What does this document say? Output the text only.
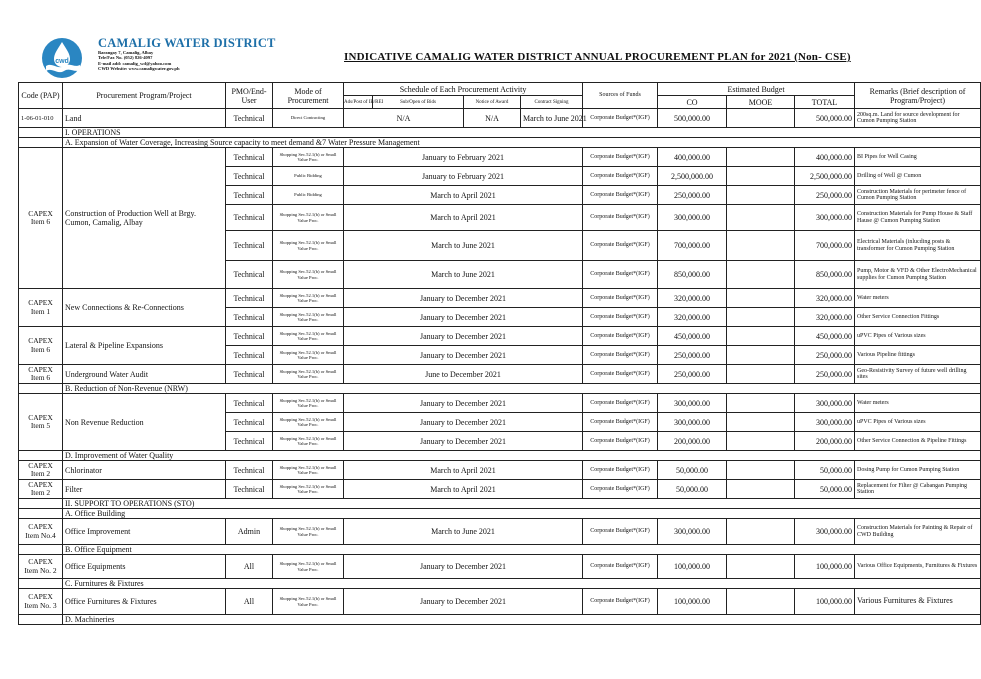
cwd
CAMALIG WATER DISTRICT
Barangay 7, Camalig, Albay
Tele/Fax No. (052) 826-4097
E-mail add: camalig_wd@yahoo.com
CWD Website: www.camaligwater.gov.ph
INDICATIVE CAMALIG WATER DISTRICT ANNUAL PROCUREMENT PLAN for 2021 (Non- CSE)
Code (PAP)	Procurement Program/Project	PMO/End-User	Mode of Procurement	Schedule of Each Procurement Activity				Sources of Funds	Estimated Budget			Remarks (Brief description of Program/Project)
				Ads/Post of IB/REI	Sub/Open of Bids	Notice of Award	Contract Signing		CO	MOOE	TOTAL	
1-06-01-010	Land	Technical	Direct Contracting	N/A		N/A	March to June 2021	Corporate Budget*(IGF)	500,000.00		500,000.00	200sq.m. Land for source development for Cumon Pumping Station
	I. OPERATIONS											
	A. Expansion of Water Coverage, Increasing Source capacity to meet demand &7 Water Pressure Management											
CAPEX Item 6	Construction of Production Well at Brgy. Cumon, Camalig, Albay	Technical	Shopping Sec.52.1(b) or Small Value Proc.	January to February 2021				Corporate Budget*(IGF)	400,000.00		400,000.00	BI Pipes for Well Casing
		Technical	Public Bidding	January to February 2021				Corporate Budget*(IGF)	2,500,000.00		2,500,000.00	Drilling of Well @ Cumon
		Technical	Public Bidding	March to April 2021				Corporate Budget*(IGF)	250,000.00		250,000.00	Construction Materials for perimeter fence of Cumon Pumping Station
		Technical	Shopping Sec.52.1(b) or Small Value Proc.	March to April 2021				Corporate Budget*(IGF)	300,000.00		300,000.00	Construction Materials for Pump House & Staff Hause @ Cumon Pumping Station
		Technical	Shopping Sec.52.1(b) or Small Value Proc.	March to June 2021				Corporate Budget*(IGF)	700,000.00		700,000.00	Electrical Materials (inlucding posts & transformer for Cumon Pumping Station
		Technical	Shopping Sec.52.1(b) or Small Value Proc.	March to June 2021				Corporate Budget*(IGF)	850,000.00		850,000.00	Pump, Motor & VFD & Other ElectroMechanical supplies for Cumon Pumping Station
CAPEX Item 1	New Connections & Re-Connections	Technical	Shopping Sec.52.1(b) or Small Value Proc.	January to December 2021				Corporate Budget*(IGF)	320,000.00		320,000.00	Water meters
		Technical	Shopping Sec.52.1(b) or Small Value Proc.	January to December 2021				Corporate Budget*(IGF)	320,000.00		320,000.00	Other Service Connection Fittings
CAPEX Item 6	Lateral & Pipeline Expansions	Technical	Shopping Sec.52.1(b) or Small Value Proc.	January to December 2021				Corporate Budget*(IGF)	450,000.00		450,000.00	uPVC Pipes of Various sizes
		Technical	Shopping Sec.52.1(b) or Small Value Proc.	January to December 2021				Corporate Budget*(IGF)	250,000.00		250,000.00	Various Pipeline fittings
CAPEX Item 6	Underground Water Audit	Technical	Shopping Sec.52.1(b) or Small Value Proc.	June to December 2021				Corporate Budget*(IGF)	250,000.00		250,000.00	Geo-Resistivity Survey of future well drilling sites
	B. Reduction of Non-Revenue (NRW)											
CAPEX Item 5	Non Revenue Reduction	Technical	Shopping Sec.52.1(b) or Small Value Proc.	January to December 2021				Corporate Budget*(IGF)	300,000.00		300,000.00	Water meters
		Technical	Shopping Sec.52.1(b) or Small Value Proc.	January to December 2021				Corporate Budget*(IGF)	300,000.00		300,000.00	uPVC Pipes of Various sizes
		Technical	Shopping Sec.52.1(b) or Small Value Proc.	January to December 2021				Corporate Budget*(IGF)	200,000.00		200,000.00	Other Service Connection & Pipeline Fittings
	D. Improvement of Water Quality											
CAPEX Item 2	Chlorinator	Technical	Shopping Sec.52.1(b) or Small Value Proc.	March to April 2021				Corporate Budget*(IGF)	50,000.00		50,000.00	Dosing Pump for Cumon Pumping Station
CAPEX Item 2	Filter	Technical	Shopping Sec.52.1(b) or Small Value Proc.	March to April 2021				Corporate Budget*(IGF)	50,000.00		50,000.00	Replacement for Filter @ Cabangan Pumping Station
	II. SUPPORT TO OPERATIONS (STO)											
	A. Office Building											
CAPEX Item No.4	Office Improvement	Admin	Shopping Sec.52.1(b) or Small Value Proc.	March to June 2021				Corporate Budget*(IGF)	300,000.00		300,000.00	Construction Materials for Painting & Repair of CWD Building
	B. Office Equipment											
CAPEX Item No. 2	Office Equipments	All	Shopping Sec.52.1(b) or Small Value Proc.	January to December 2021				Corporate Budget*(IGF)	100,000.00		100,000.00	Various Office Equipments, Furnitures & Fixtures
	C. Furnitures & Fixtures											
CAPEX Item No. 3	Office Furnitures & Fixtures	All	Shopping Sec.52.1(b) or Small Value Proc.	January to December 2021				Corporate Budget*(IGF)	100,000.00		100,000.00	Various Furnitures & Fixtures
	D. Machineries											
